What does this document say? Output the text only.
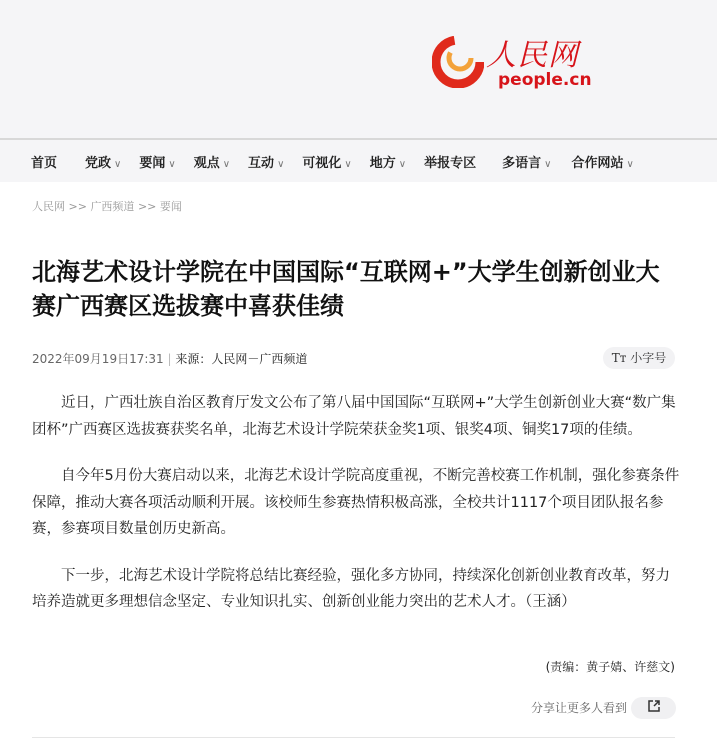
人民网
people.cn
首页 党政 ∨ 要闻 ∨ 观点 ∨ 互动 ∨ 可视化 ∨ 地方 ∨ 举报专区 多语言 ∨ 合作网站 ∨
人民网 >> 广西频道 >> 要闻
北海艺术设计学院在中国国际“互联网+”大学生创新创业大赛广西赛区选拔赛中喜获佳绩
2022年09月19日17:31 | 来源：人民网－广西频道	Tт 小字号

近日，广西壮族自治区教育厅发文公布了第八届中国国际“互联网+”大学生创新创业大赛“数广集团杯”广西赛区选拔赛获奖名单，北海艺术设计学院荣获金奖1项、银奖4项、铜奖17项的佳绩。

自今年5月份大赛启动以来，北海艺术设计学院高度重视，不断完善校赛工作机制，强化参赛条件保障，推动大赛各项活动顺利开展。该校师生参赛热情积极高涨，全校共计1117个项目团队报名参赛，参赛项目数量创历史新高。

下一步，北海艺术设计学院将总结比赛经验，强化多方协同，持续深化创新创业教育改革，努力培养造就更多理想信念坚定、专业知识扎实、创新创业能力突出的艺术人才。（王涵）

(责编：黄子婧、许慈文)
分享让更多人看到
